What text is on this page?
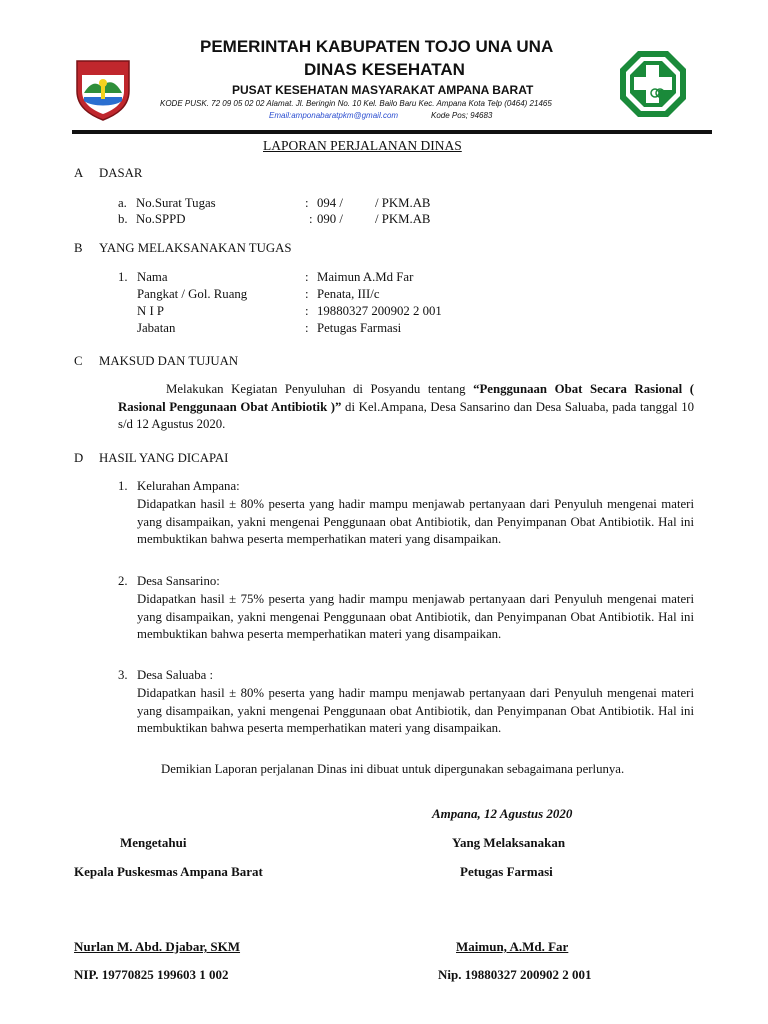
PEMERINTAH KABUPATEN TOJO UNA UNA
DINAS KESEHATAN
PUSAT KESEHATAN MASYARAKAT AMPANA BARAT
KODE PUSK. 72 09 05 02 02 Alamat. Jl. Beringin No. 10 Kel. Bailo Baru Kec. Ampana Kota Telp (0464) 21465
Email:amponabaratpkm@gmail.com	Kode Pos; 94683
LAPORAN PERJALANAN DINAS
A DASAR
a. No.Surat Tugas	: 094 /	/ PKM.AB
b. No.SPPD	: 090 /	/ PKM.AB
B YANG MELAKSANAKAN TUGAS
1. Nama	: Maimun A.Md Far
Pangkat / Gol. Ruang	: Penata, III/c
N I P	: 19880327 200902 2 001
Jabatan	: Petugas Farmasi
C MAKSUD DAN TUJUAN
Melakukan Kegiatan Penyuluhan di Posyandu tentang “Penggunaan Obat Secara Rasional ( Rasional Penggunaan Obat Antibiotik )” di Kel.Ampana, Desa Sansarino dan Desa Saluaba, pada tanggal 10 s/d 12 Agustus 2020.
D HASIL YANG DICAPAI
1. Kelurahan Ampana:
Didapatkan hasil ± 80% peserta yang hadir mampu menjawab pertanyaan dari Penyuluh mengenai materi yang disampaikan, yakni mengenai Penggunaan obat Antibiotik, dan Penyimpanan Obat Antibiotik. Hal ini membuktikan bahwa peserta memperhatikan materi yang disampaikan.
2. Desa Sansarino:
Didapatkan hasil ± 75% peserta yang hadir mampu menjawab pertanyaan dari Penyuluh mengenai materi yang disampaikan, yakni mengenai Penggunaan obat Antibiotik, dan Penyimpanan Obat Antibiotik. Hal ini membuktikan bahwa peserta memperhatikan materi yang disampaikan.
3. Desa Saluaba :
Didapatkan hasil ± 80% peserta yang hadir mampu menjawab pertanyaan dari Penyuluh mengenai materi yang disampaikan, yakni mengenai Penggunaan obat Antibiotik, dan Penyimpanan Obat Antibiotik. Hal ini membuktikan bahwa peserta memperhatikan materi yang disampaikan.
Demikian Laporan perjalanan Dinas ini dibuat untuk dipergunakan sebagaimana perlunya.
Ampana, 12 Agustus 2020
Mengetahui	Yang Melaksanakan
Kepala Puskesmas Ampana Barat	Petugas Farmasi
Nurlan M. Abd. Djabar, SKM	Maimun, A.Md. Far
NIP. 19770825 199603 1 002	Nip. 19880327 200902 2 001
